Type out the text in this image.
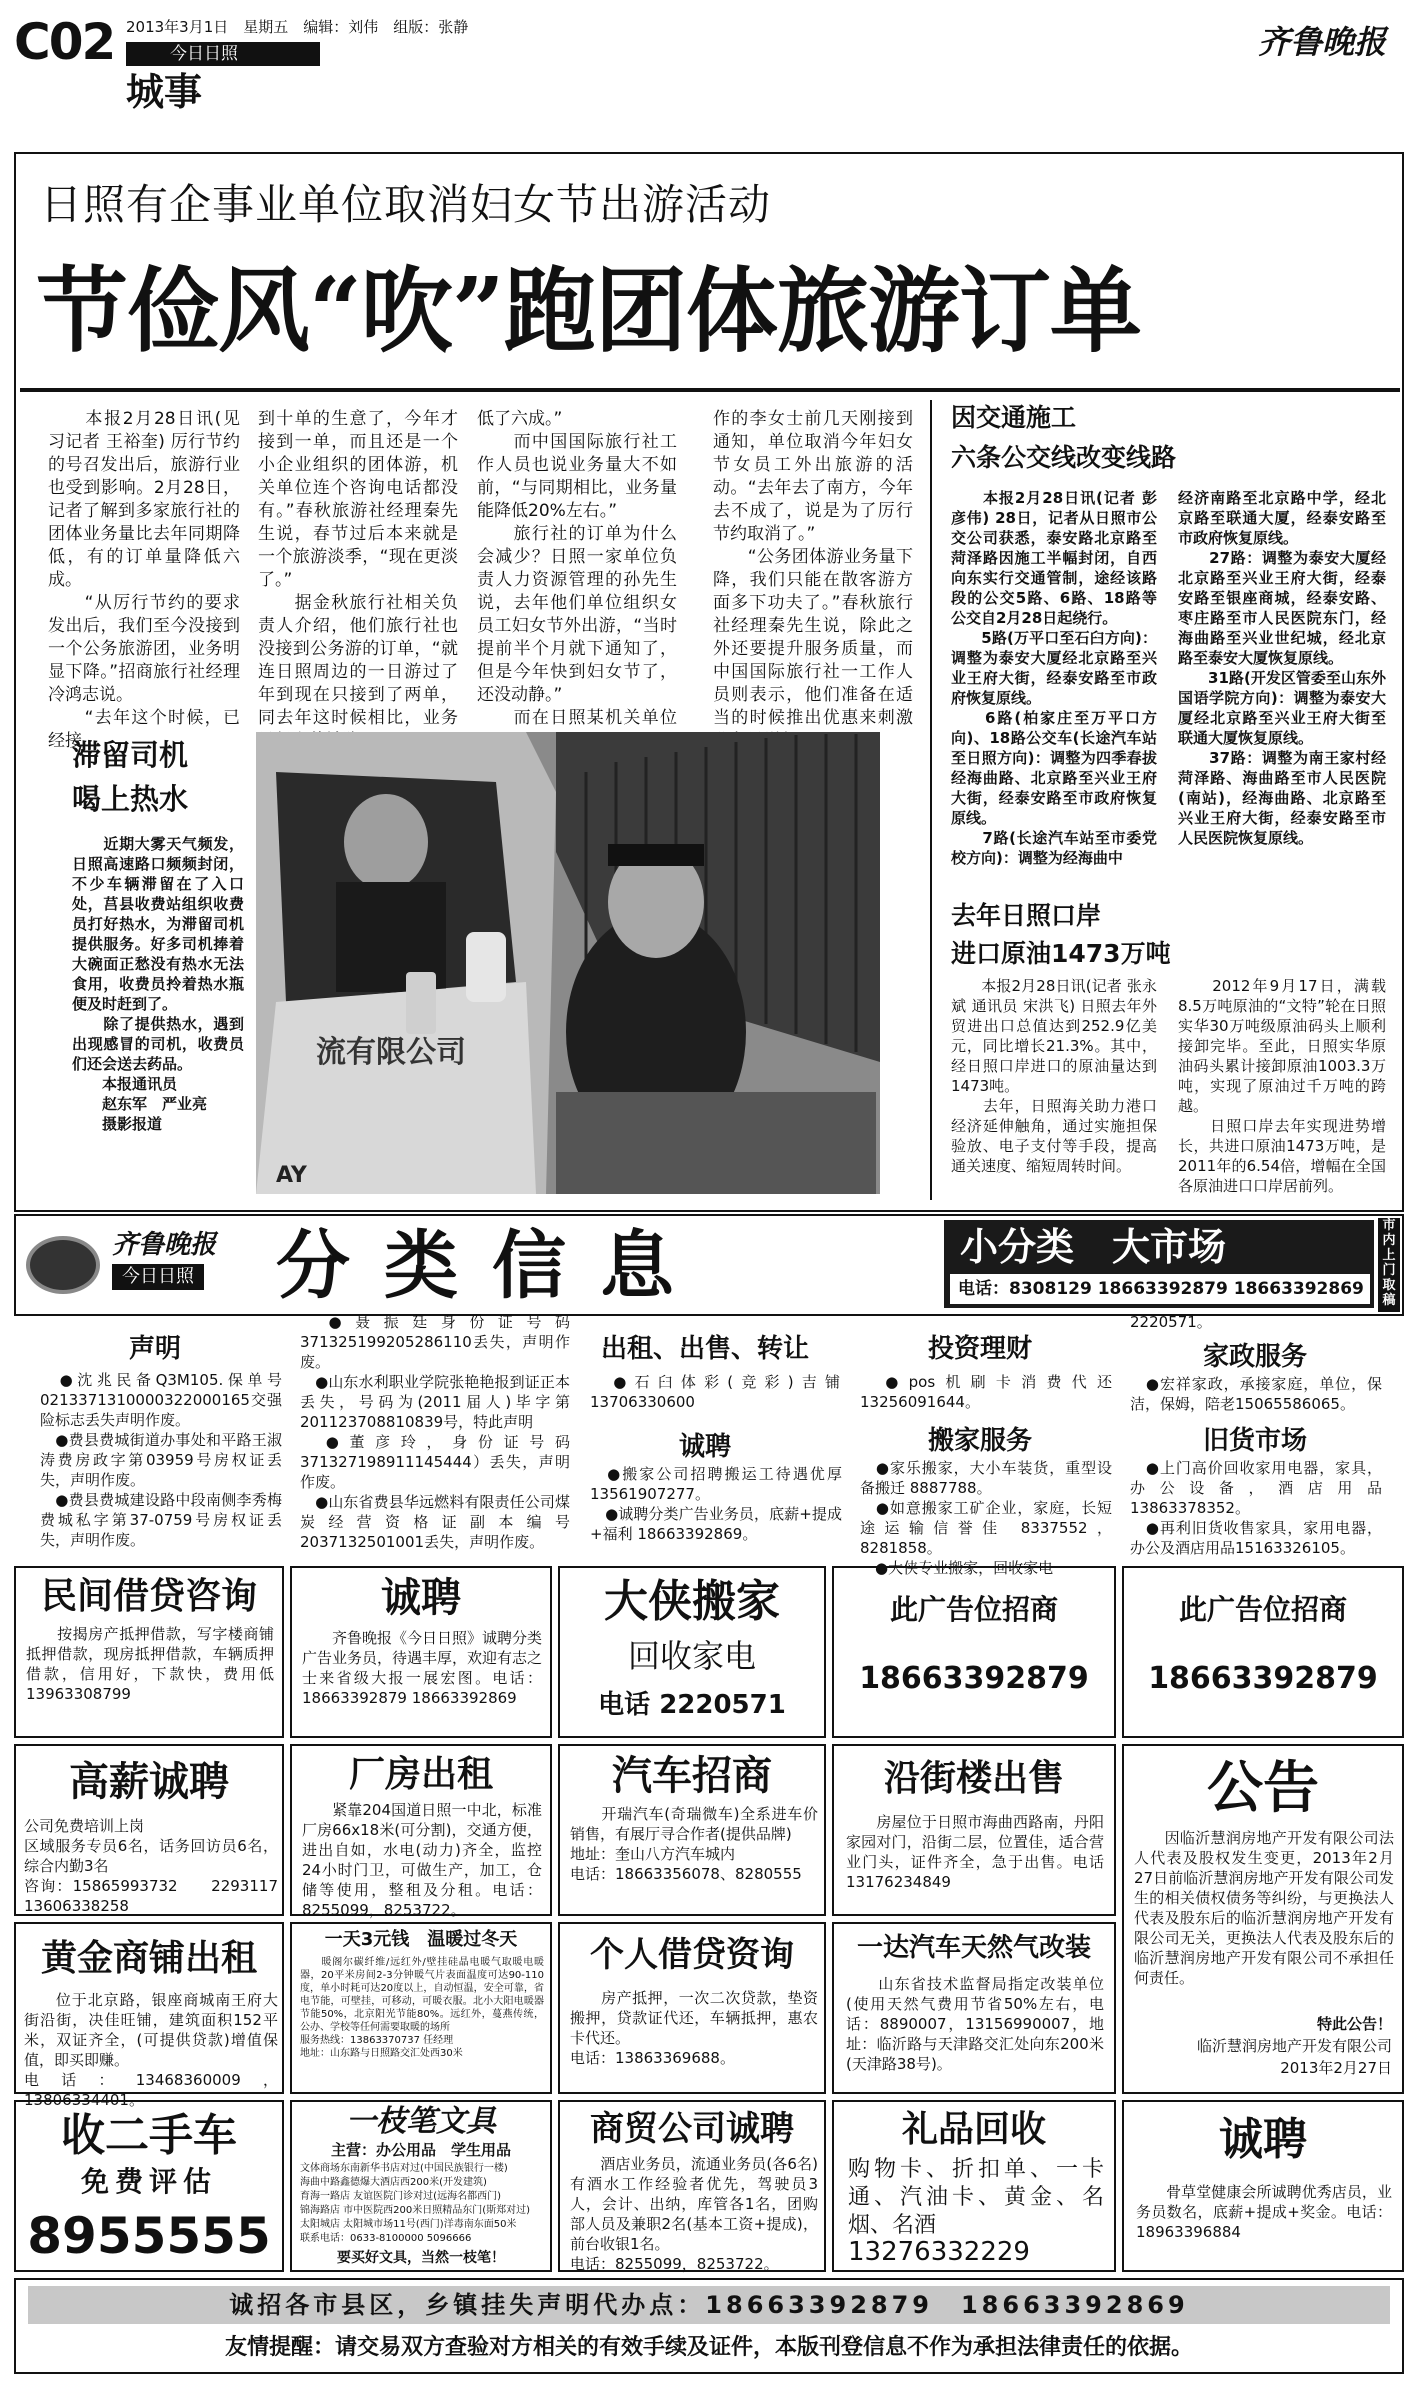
C02 2013年3月1日　星期五　编辑：刘伟　组版：张静
今日日照
城事
齐鲁晚报
日照有企事业单位取消妇女节出游活动
节俭风“吹”跑团体旅游订单
　　本报2月28日讯(见习记者 王裕奎) 厉行节约的号召发出后，旅游行业也受到影响。2月28日，记者了解到多家旅行社的团体业务量比去年同期降低，有的订单量降低六成。
　　“从厉行节约的要求发出后，我们至今没接到一个公务旅游团，业务明显下降。”招商旅行社经理冷鸿志说。
　　“去年这个时候，已经接
到十单的生意了，今年才接到一单，而且还是一个小企业组织的团体游，机关单位连个咨询电话都没有。”春秋旅游社经理秦先生说，春节过后本来就是一个旅游淡季，“现在更淡了。”
　　据金秋旅行社相关负责人介绍，他们旅行社也没接到公务游的订单，“就连日照周边的一日游过了年到现在只接到了两单，同去年这时候相比，业务
低了六成。”
　　而中国国际旅行社工作人员也说业务量大不如前，“与同期相比，业务量能降低20%左右。”
　　旅行社的订单为什么会减少？日照一家单位负责人力资源管理的孙先生说，去年他们单位组织女员工妇女节外出游，“当时提前半个月就下通知了，但是今年快到妇女节了，还没动静。”
　　而在日照某机关单位
作的李女士前几天刚接到通知，单位取消今年妇女节女员工外出旅游的活动。“去年去了南方，今年去不成了，说是为了厉行节约取消了。”
　　“公务团体游业务量下降，我们只能在散客游方面多下功夫了。”春秋旅行社经理秦先生说，除此之外还要提升服务质量，而中国国际旅行社一工作人员则表示，他们准备在适当的时候推出优惠来刺激
因交通施工
六条公交线改变线路
　　本报2月28日讯(记者 彭彦伟) 28日，记者从日照市公交公司获悉，泰安路北京路至菏泽路因施工半幅封闭，自西向东实行交通管制，途经该路段的公交5路、6路、18路等公交自2月28日起绕行。
　　5路(万平口至石臼方向)：调整为泰安大厦经北京路至兴业王府大街，经泰安路至市政府恢复原线。
　　6路(柏家庄至万平口方向)、18路公交车(长途汽车站至日照方向)：调整为四季春拔经海曲路、北京路至兴业王府大街，经泰安路至市政府恢复原线。
　　7路(长途汽车站至市委党校方向)：调整为经海曲中
经济南路至北京路中学，经北京路至联通大厦，经泰安路至市政府恢复原线。
　　27路：调整为泰安大厦经北京路至兴业王府大街，经泰安路至银座商城，经泰安路、枣庄路至市人民医院东门，经海曲路至兴业世纪城，经北京路至泰安大厦恢复原线。
　　31路(开发区管委至山东外国语学院方向)：调整为泰安大厦经北京路至兴业王府大街至联通大厦恢复原线。
　　37路：调整为南王家村经菏泽路、海曲路至市人民医院(南站)，经海曲路、北京路至兴业王府大街，经泰安路至市人民医院恢复原线。
去年日照口岸
进口原油1473万吨
　　本报2月28日讯(记者 张永斌 通讯员 宋洪飞) 日照去年外贸进出口总值达到252.9亿美元，同比增长21.3%。其中，经日照口岸进口的原油量达到1473吨。
　　去年，日照海关助力港口经济延伸触角，通过实施担保验放、电子支付等手段，提高通关速度、缩短周转时间。
　　2012年9月17日，满载8.5万吨原油的“文特”轮在日照实华30万吨级原油码头上顺利接卸完毕。至此，日照实华原油码头累计接卸原油1003.3万吨，实现了原油过千万吨的跨越。
　　日照口岸去年实现进势增长，共进口原油1473万吨，是2011年的6.54倍，增幅在全国各原油进口口岸居前列。
滞留司机
喝上热水
　　近期大雾天气频发，日照高速路口频频封闭，不少车辆滞留在了入口处，莒县收费站组织收费员打好热水，为滞留司机提供服务。好多司机捧着大碗面正愁没有热水无法食用，收费员拎着热水瓶便及时赶到了。
　　除了提供热水，遇到出现感冒的司机，收费员们还会送去药品。
　　本报通讯员
　　赵东军　严业亮
　　摄影报道
流有限公司
AY
齐鲁晚报
今日日照 分类信息	小分类　大市场
电话：8308129 18663392879 18663392869
市内上门取稿
声明
　●沈兆民备Q3M105.保单号0213371310000322000165交强险标志丢失声明作废。
　●费县费城街道办事处和平路王淑涛费房政字第03959号房权证丢失，声明作废。
　●费县费城建设路中段南侧李秀梅费城私字第37-0759号房权证丢失，声明作废。
　●聂振廷身份证号码371325199205286110丢失，声明作废。
　●山东水利职业学院张艳艳报到证正本丢失，号码为(2011届人)毕字第201123708810839号，特此声明
　●董彦玲，身份证号码371327198911145444）丢失，声明作废。
　●山东省费县华远燃料有限责任公司煤炭经营资格证副本编号2037132501001丢失，声明作废。
出租、出售、转让
　●石臼体彩(竞彩)吉铺13706330600
诚聘
　●搬家公司招聘搬运工待遇优厚 13561907277。
　●诚聘分类广告业务员，底薪+提成+福利 18663392869。
投资理财
　●pos机刷卡消费代还13256091644。
搬家服务
　●家乐搬家，大小车装货，重型设备搬迁 8887788。
　●如意搬家工矿企业，家庭，长短途运输信誉佳 8337552，8281858。
　●大侠专业搬家，回收家电
2220571。
家政服务
　●宏祥家政，承接家庭，单位，保洁，保姆，陪老15065586065。
旧货市场
　●上门高价回收家用电器，家具，办公设备，酒店用品13863378352。
　●再利旧货收售家具，家用电器，办公及酒店用品15163326105。
民间借贷咨询
　　按揭房产抵押借款，写字楼商铺抵押借款，现房抵押借款，车辆质押借款，信用好，下款快，费用低 13963308799
诚聘
　　齐鲁晚报《今日日照》诚聘分类广告业务员，待遇丰厚，欢迎有志之士来省级大报一展宏图。电话：18663392879 18663392869
大侠搬家
回收家电
电话 2220571
此广告位招商
18663392879
此广告位招商
18663392879
高薪诚聘
公司免费培训上岗
区域服务专员6名，话务回访员6名，综合内勤3名
咨询：15865993732　　2293117　13606338258
厂房出租
　　紧靠204国道日照一中北，标准厂房66x18米(可分割)，交通方便，进出自如，水电(动力)齐全，监控24小时门卫，可做生产，加工，仓储等使用，整租及分租。电话：8255099，8253722。
汽车招商
　　开瑞汽车(奇瑞微车)全系进车价销售，有展厅寻合作者(提供品牌)
地址：奎山八方汽车城内
电话：18663356078、8280555
沿街楼出售
　　房屋位于日照市海曲西路南，丹阳家园对门，沿街二层，位置佳，适合营业门头，证件齐全，急于出售。电话 13176234849
公告
　　因临沂慧润房地产开发有限公司法人代表及股权发生变更，2013年2月27日前临沂慧润房地产开发有限公司发生的相关债权债务等纠纷，与更换法人代表及股东后的临沂慧润房地产开发有限公司无关，更换法人代表及股东后的临沂慧润房地产开发有限公司不承担任何责任。
特此公告！
临沂慧润房地产开发有限公司
2013年2月27日
黄金商铺出租
　　位于北京路，银座商城南王府大街沿街，决佳旺铺，建筑面积152平米，双证齐全，(可提供贷款)增值保值，即买即赚。
电话：13468360009，13806334401。
一天3元钱　温暖过冬天
　　暖阁尔碳纤维/远红外/壁挂硅晶电暖气取暖电暖器，20平米房间2-3分钟暖气片表面温度可达90-110度，单小时耗可达20度以上，自动恒温，安全可靠，省电节能，可壁挂，可移动，可暖衣服。北小大阳电暖器节能50%，北京阳光节能80%。远红外，蔓燕传统，公办、学校等任何需要取暖的场所
服务热线：13863370737 任经理
地址：山东路与日照路交汇处西30米
个人借贷资询
　　房产抵押，一次二次贷款，垫资搬押，贷款证代还，车辆抵押，惠农卡代还。
电话：13863369688。
一达汽车天然气改装
　　山东省技术监督局指定改装单位(使用天然气费用节省50%左右，电话：8890007，13156990007，地址：临沂路与天津路交汇处向东200米(天津路38号)。
收二手车
免费评估
8955555
一枝笔文具
主营：办公用品　学生用品
文体商场东南新华书店对过(中国民族银行一楼)
海曲中路鑫德爆大酒店西200米(开发建筑)
育海一路店 友谊医院门诊对过(远海名都西门)
锦海路店 市中医院西200米日照精品东门(斯郑对过)
太阳城店 太阳城市场11号(西门)洋毒南东面50米
联系电话：0633-8100000 5096666
要买好文具，当然一枝笔！
商贸公司诚聘
　　酒店业务员，流通业务员(各6名)有酒水工作经验者优先，驾驶员3人，会计、出纳，库管各1名，团购部人员及兼职2名(基本工资+提成)，前台收银1名。
电话：8255099，8253722。
礼品回收
购物卡、折扣单、一卡通、汽油卡、黄金、名烟、名酒
13276332229
诚聘
　　骨草堂健康会所诚聘优秀店员，业务员数名，底薪+提成+奖金。电话：18963396884
诚招各市县区，乡镇挂失声明代办点：18663392879　18663392869
友情提醒：请交易双方查验对方相关的有效手续及证件，本版刊登信息不作为承担法律责任的依据。
